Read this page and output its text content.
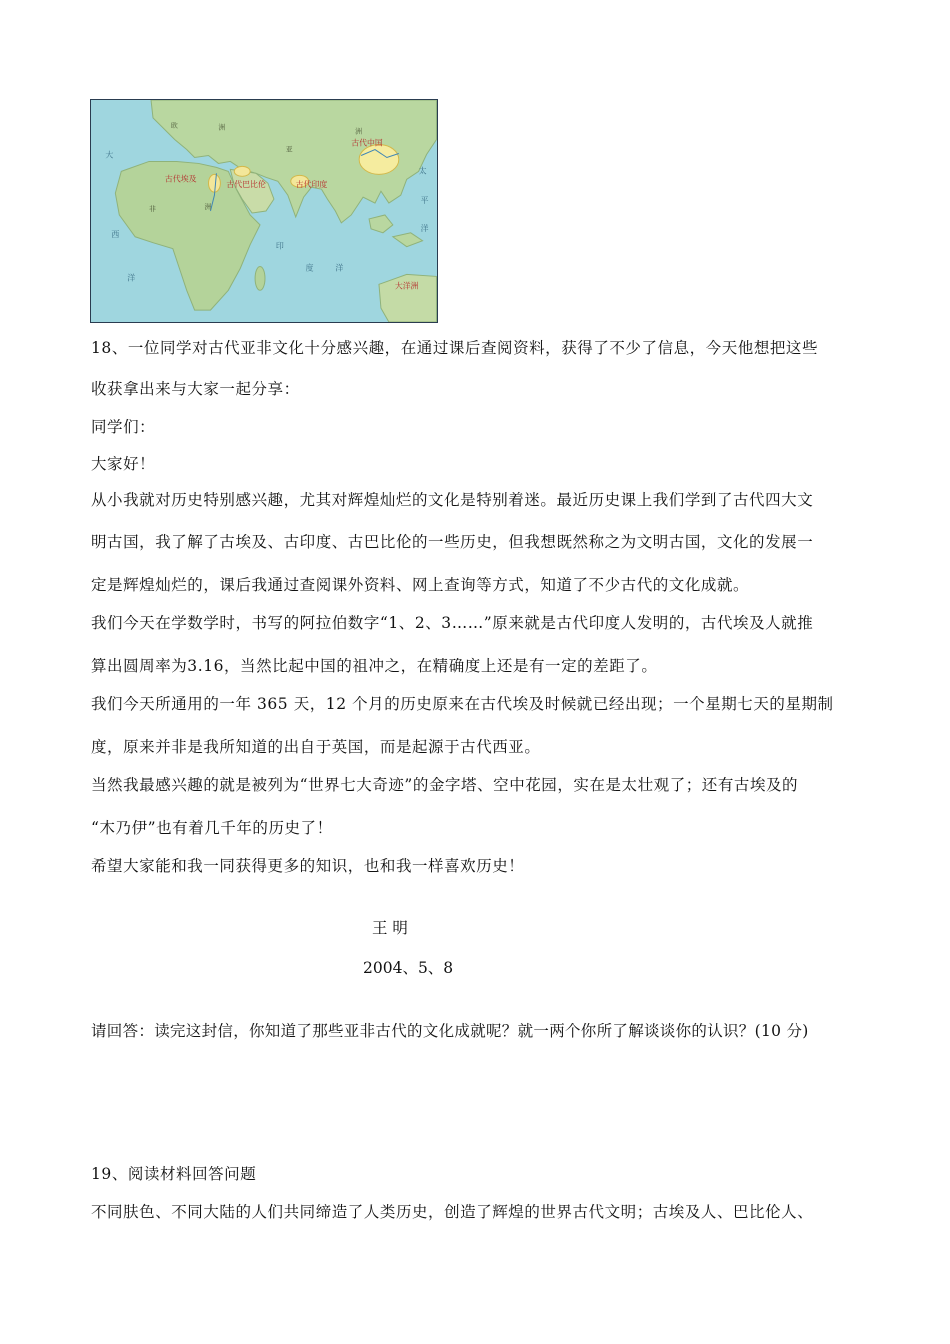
古代埃及
古代巴比伦	古代印度
古代中国
大洋洲
欧	洲
亚
洲
非	洲
大
西
洋
印
度	洋
太
平
洋
18、一位同学对古代亚非文化十分感兴趣，在通过课后查阅资料，获得了不少了信息，今天他想把这些
收获拿出来与大家一起分享：
同学们：
大家好！
从小我就对历史特别感兴趣，尤其对辉煌灿烂的文化是特别着迷。最近历史课上我们学到了古代四大文
明古国，我了解了古埃及、古印度、古巴比伦的一些历史，但我想既然称之为文明古国，文化的发展一
定是辉煌灿烂的，课后我通过查阅课外资料、网上查询等方式，知道了不少古代的文化成就。
我们今天在学数学时，书写的阿拉伯数字“1、2、3……”原来就是古代印度人发明的，古代埃及人就推
算出圆周率为3.16，当然比起中国的祖冲之，在精确度上还是有一定的差距了。
我们今天所通用的一年 365 天，12 个月的历史原来在古代埃及时候就已经出现；一个星期七天的星期制
度，原来并非是我所知道的出自于英国，而是起源于古代西亚。
当然我最感兴趣的就是被列为“世界七大奇迹”的金字塔、空中花园，实在是太壮观了；还有古埃及的
“木乃伊”也有着几千年的历史了！
希望大家能和我一同获得更多的知识，也和我一样喜欢历史！
王 明
2004、5、8
请回答：读完这封信，你知道了那些亚非古代的文化成就呢？就一两个你所了解谈谈你的认识？(10 分)
19、阅读材料回答问题
不同肤色、不同大陆的人们共同缔造了人类历史，创造了辉煌的世界古代文明；古埃及人、巴比伦人、
